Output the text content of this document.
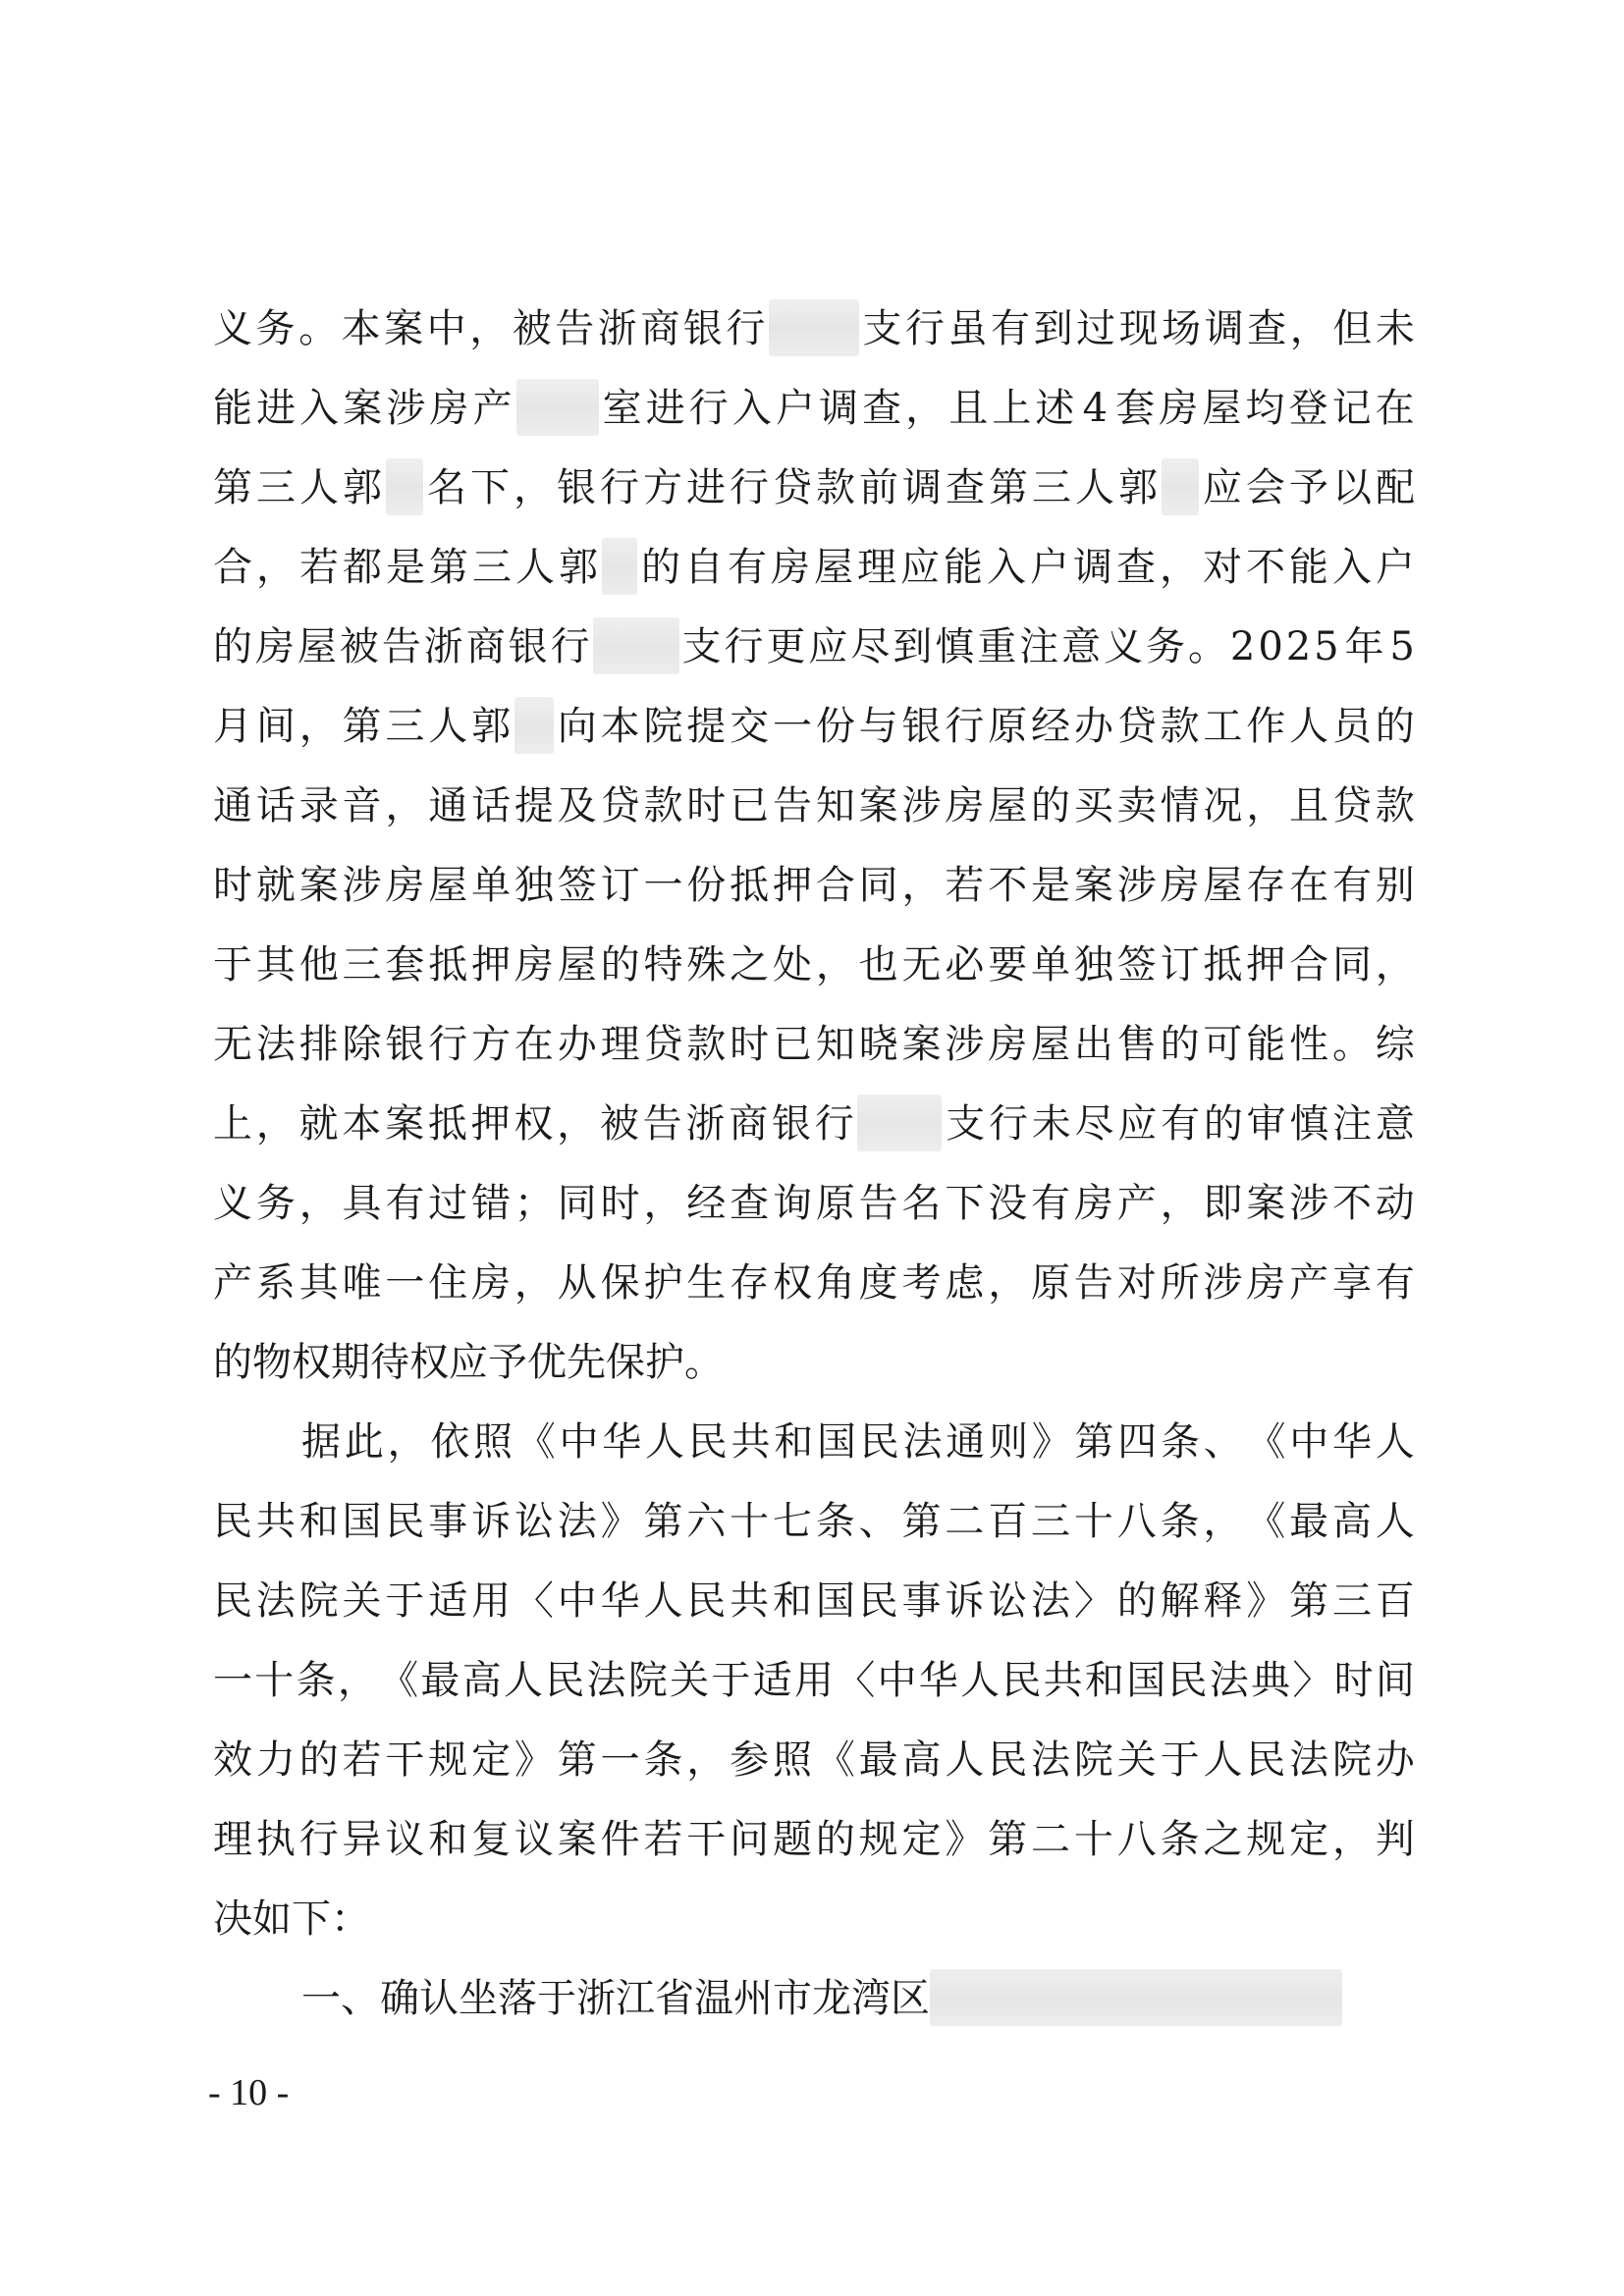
义 务 。 本 案 中 ， 被 告 浙 商 银 行 支 行 虽 有 到 过 现 场 调 查 ， 但 未
能 进 入 案 涉 房 产 室 进 行 入 户 调 查 ， 且 上 述 4 套 房 屋 均 登 记 在
第 三 人 郭 名 下 ， 银 行 方 进 行 贷 款 前 调 查 第 三 人 郭 应 会 予 以 配
合 ， 若 都 是 第 三 人 郭 的 自 有 房 屋 理 应 能 入 户 调 查 ， 对 不 能 入 户
的 房 屋 被 告 浙 商 银 行 支 行 更 应 尽 到 慎 重 注 意 义 务 。 2 0 2 5 年 5
月 间 ， 第 三 人 郭 向 本 院 提 交 一 份 与 银 行 原 经 办 贷 款 工 作 人 员 的
通 话 录 音 ， 通 话 提 及 贷 款 时 已 告 知 案 涉 房 屋 的 买 卖 情 况 ， 且 贷 款
时 就 案 涉 房 屋 单 独 签 订 一 份 抵 押 合 同 ， 若 不 是 案 涉 房 屋 存 在 有 别
于 其 他 三 套 抵 押 房 屋 的 特 殊 之 处 ， 也 无 必 要 单 独 签 订 抵 押 合 同 ，
无 法 排 除 银 行 方 在 办 理 贷 款 时 已 知 晓 案 涉 房 屋 出 售 的 可 能 性 。 综
上 ， 就 本 案 抵 押 权 ， 被 告 浙 商 银 行 支 行 未 尽 应 有 的 审 慎 注 意
义 务 ， 具 有 过 错 ； 同 时 ， 经 查 询 原 告 名 下 没 有 房 产 ， 即 案 涉 不 动
产 系 其 唯 一 住 房 ， 从 保 护 生 存 权 角 度 考 虑 ， 原 告 对 所 涉 房 产 享 有
的 物 权 期 待 权 应 予 优 先 保 护 。
据 此 ， 依 照 《 中 华 人 民 共 和 国 民 法 通 则 》 第 四 条 、 《 中 华 人
民 共 和 国 民 事 诉 讼 法 》 第 六 十 七 条 、 第 二 百 三 十 八 条 ， 《 最 高 人
民 法 院 关 于 适 用 〈 中 华 人 民 共 和 国 民 事 诉 讼 法 〉 的 解 释 》 第 三 百
一 十 条 ， 《 最 高 人 民 法 院 关 于 适 用 〈 中 华 人 民 共 和 国 民 法 典 〉 时 间
效 力 的 若 干 规 定 》 第 一 条 ， 参 照 《 最 高 人 民 法 院 关 于 人 民 法 院 办
理 执 行 异 议 和 复 议 案 件 若 干 问 题 的 规 定 》 第 二 十 八 条 之 规 定 ， 判
决 如 下 ：
一 、 确 认 坐 落 于 浙 江 省 温 州 市 龙 湾 区
- 10 -
